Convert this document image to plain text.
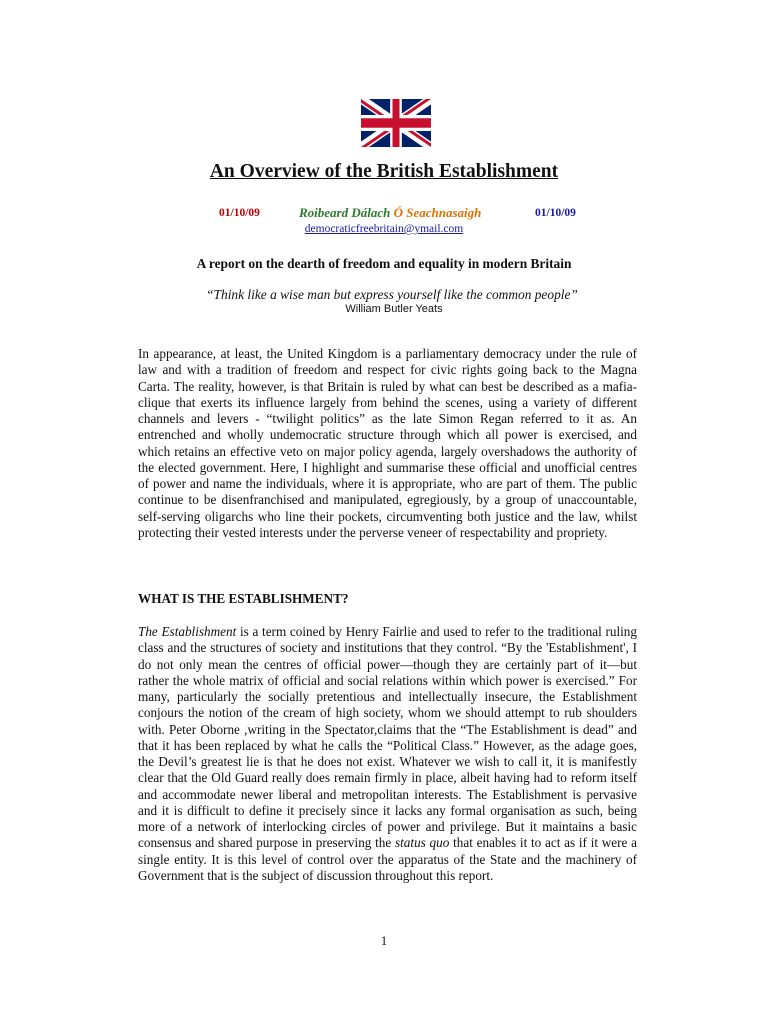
An Overview of the British Establishment
01/10/09	Roibeard Dálach Ó Seachnasaigh	01/10/09
democraticfreebritain@ymail.com
A report on the dearth of freedom and equality in modern Britain
“Think like a wise man but express yourself like the common people”
William Butler Yeats

In appearance, at least, the United Kingdom is a parliamentary democracy under the rule of law and with a tradition of freedom and respect for civic rights going back to the Magna Carta. The reality, however, is that Britain is ruled by what can best be described as a mafia-clique that exerts its influence largely from behind the scenes, using a variety of different channels and levers - “twilight politics” as the late Simon Regan referred to it as. An entrenched and wholly undemocratic structure through which all power is exercised, and which retains an effective veto on major policy agenda, largely overshadows the authority of the elected government. Here, I highlight and summarise these official and unofficial centres of power and name the individuals, where it is appropriate, who are part of them. The public continue to be disenfranchised and manipulated, egregiously, by a group of unaccountable, self-serving oligarchs who line their pockets, circumventing both justice and the law, whilst protecting their vested interests under the perverse veneer of respectability and propriety.

WHAT IS THE ESTABLISHMENT?

The Establishment is a term coined by Henry Fairlie and used to refer to the traditional ruling class and the structures of society and institutions that they control. “By the 'Establishment', I do not only mean the centres of official power—though they are certainly part of it—but rather the whole matrix of official and social relations within which power is exercised.” For many, particularly the socially pretentious and intellectually insecure, the Establishment conjours the notion of the cream of high society, whom we should attempt to rub shoulders with. Peter Oborne ,writing in the Spectator,claims that the “The Establishment is dead” and that it has been replaced by what he calls the “Political Class.” However, as the adage goes, the Devil’s greatest lie is that he does not exist. Whatever we wish to call it, it is manifestly clear that the Old Guard really does remain firmly in place, albeit having had to reform itself and accommodate newer liberal and metropolitan interests. The Establishment is pervasive and it is difficult to define it precisely since it lacks any formal organisation as such, being more of a network of interlocking circles of power and privilege. But it maintains a basic consensus and shared purpose in preserving the status quo that enables it to act as if it were a single entity. It is this level of control over the apparatus of the State and the machinery of Government that is the subject of discussion throughout this report.

1
